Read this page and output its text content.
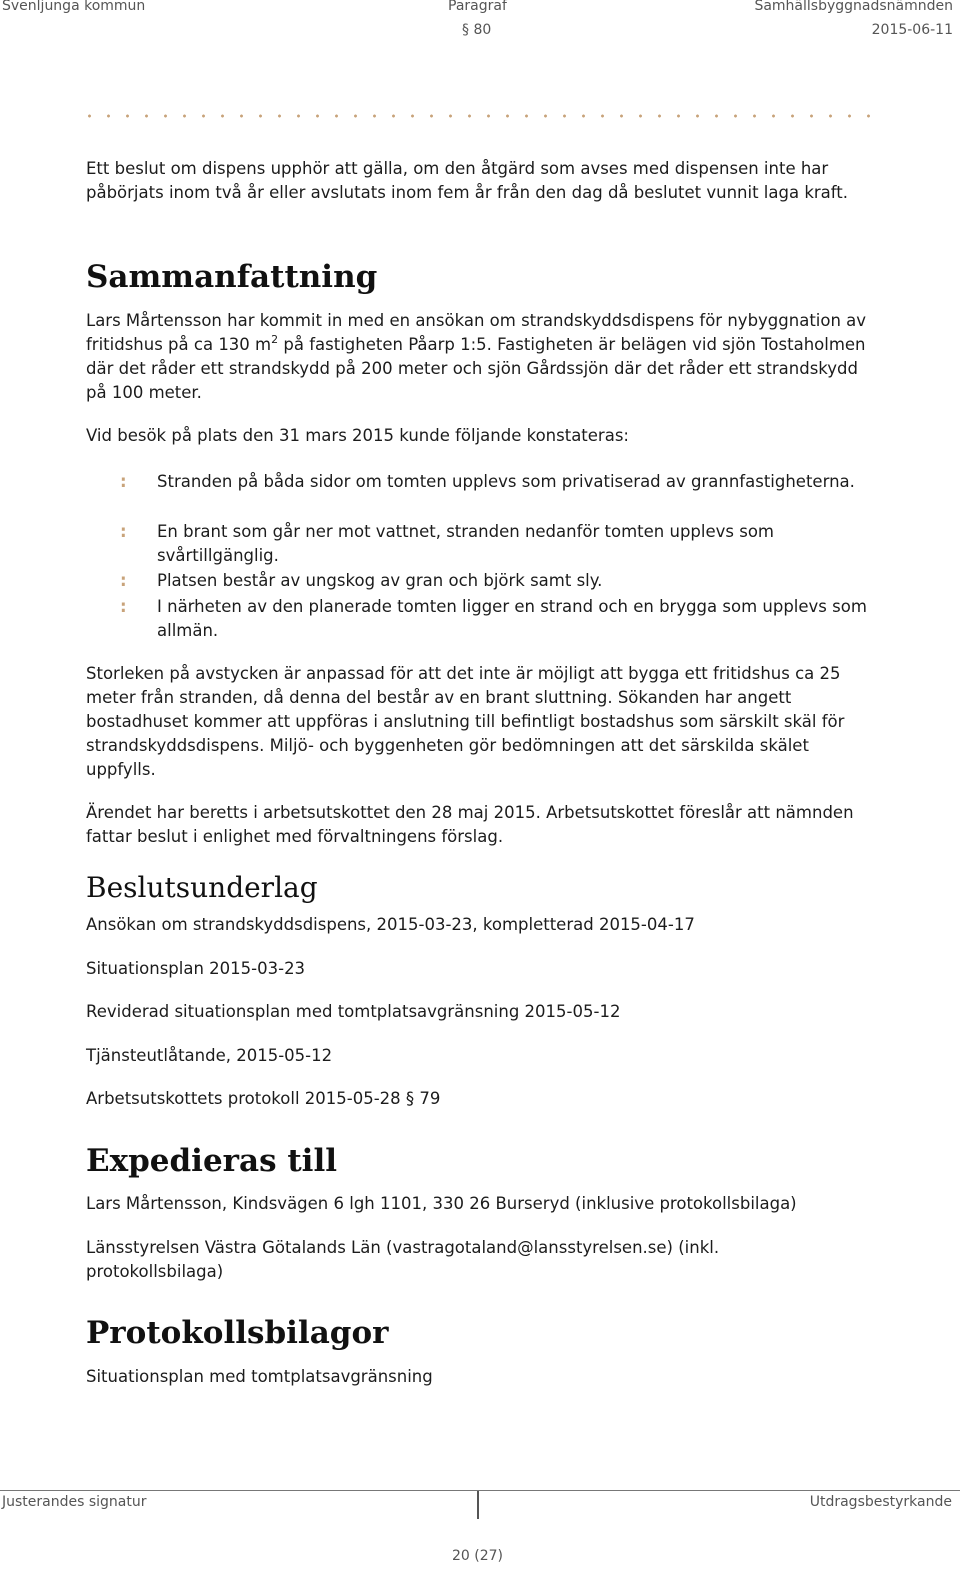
Svenljunga kommun	Paragraf
§ 80
Samhällsbyggnadsnämnden
2015-06-11

Ett beslut om dispens upphör att gälla, om den åtgärd som avses med dispensen inte har påbörjats inom två år eller avslutats inom fem år från den dag då beslutet vunnit laga kraft.

Sammanfattning

Lars Mårtensson har kommit in med en ansökan om strandskyddsdispens för nybyggnation av fritidshus på ca 130 $m^2$ på fastigheten Påarp 1:5. Fastigheten är belägen vid sjön Tostaholmen där det råder ett strandskydd på 200 meter och sjön Gårdssjön där det råder ett strandskydd på 100 meter.

Vid besök på plats den 31 mars 2015 kunde följande konstateras:

: Stranden på båda sidor om tomten upplevs som privatiserad av grannfastigheterna.
: En brant som går ner mot vattnet, stranden nedanför tomten upplevs som svårtillgänglig.
: Platsen består av ungskog av gran och björk samt sly.
: I närheten av den planerade tomten ligger en strand och en brygga som upplevs som allmän.

Storleken på avstycken är anpassad för att det inte är möjligt att bygga ett fritidshus ca 25 meter från stranden, då denna del består av en brant sluttning. Sökanden har angett bostadhuset kommer att uppföras i anslutning till befintligt bostadshus som särskilt skäl för strandskyddsdispens. Miljö- och byggenheten gör bedömningen att det särskilda skälet uppfylls.

Ärendet har beretts i arbetsutskottet den 28 maj 2015. Arbetsutskottet föreslår att nämnden fattar beslut i enlighet med förvaltningens förslag.

Beslutsunderlag

Ansökan om strandskyddsdispens, 2015-03-23, kompletterad 2015-04-17

Situationsplan 2015-03-23

Reviderad situationsplan med tomtplatsavgränsning 2015-05-12

Tjänsteutlåtande, 2015-05-12

Arbetsutskottets protokoll 2015-05-28 § 79

Expedieras till

Lars Mårtensson, Kindsvägen 6 lgh 1101, 330 26 Burseryd (inklusive protokollsbilaga)

Länsstyrelsen Västra Götalands Län (vastragotaland@lansstyrelsen.se) (inkl. protokollsbilaga)

Protokollsbilagor

Situationsplan med tomtplatsavgränsning

Justerandes signatur	Utdragsbestyrkande
20 (27)
